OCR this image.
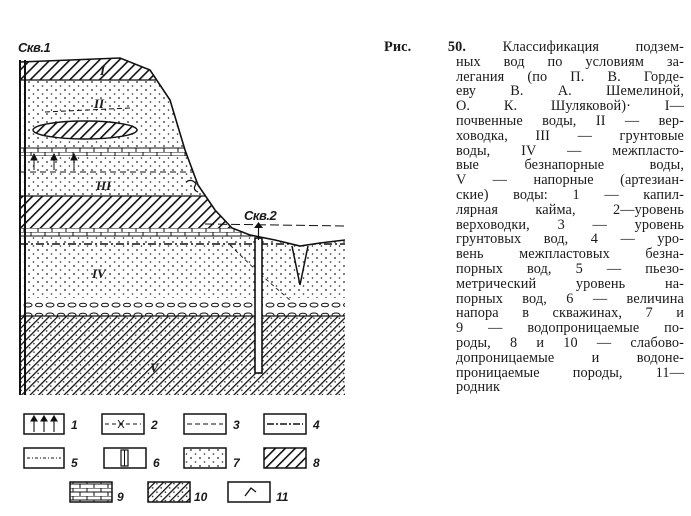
Скв.1
Скв.2
I
II
III
IV
V
1	2	3	4
5	6	7	8
9	10	11
Рис. 50.	Классификация подзем-
ных вод по условиям за-
легания (по П. В. Горде-
еву В. А. Шемелиной,
О. К. Шуляковой)· I—
почвенные воды, II — вер-
ховодка, III — грунтовые
воды, IV — межпласто-
вые безнапорные воды,
V — напорные (артезиан-
ские) воды: 1 — капил-
лярная кайма, 2—уровень
верховодки, 3 — уровень
грунтовых вод, 4 — уро-
вень межпластовых безна-
порных вод, 5 — пьезо-
метрический уровень на-
порных вод, 6 — величина
напора в скважинах, 7 и
9 — водопроницаемые по-
роды, 8 и 10 — слабово-
допроницаемые и водоне-
проницаемые породы, 11—
родник
